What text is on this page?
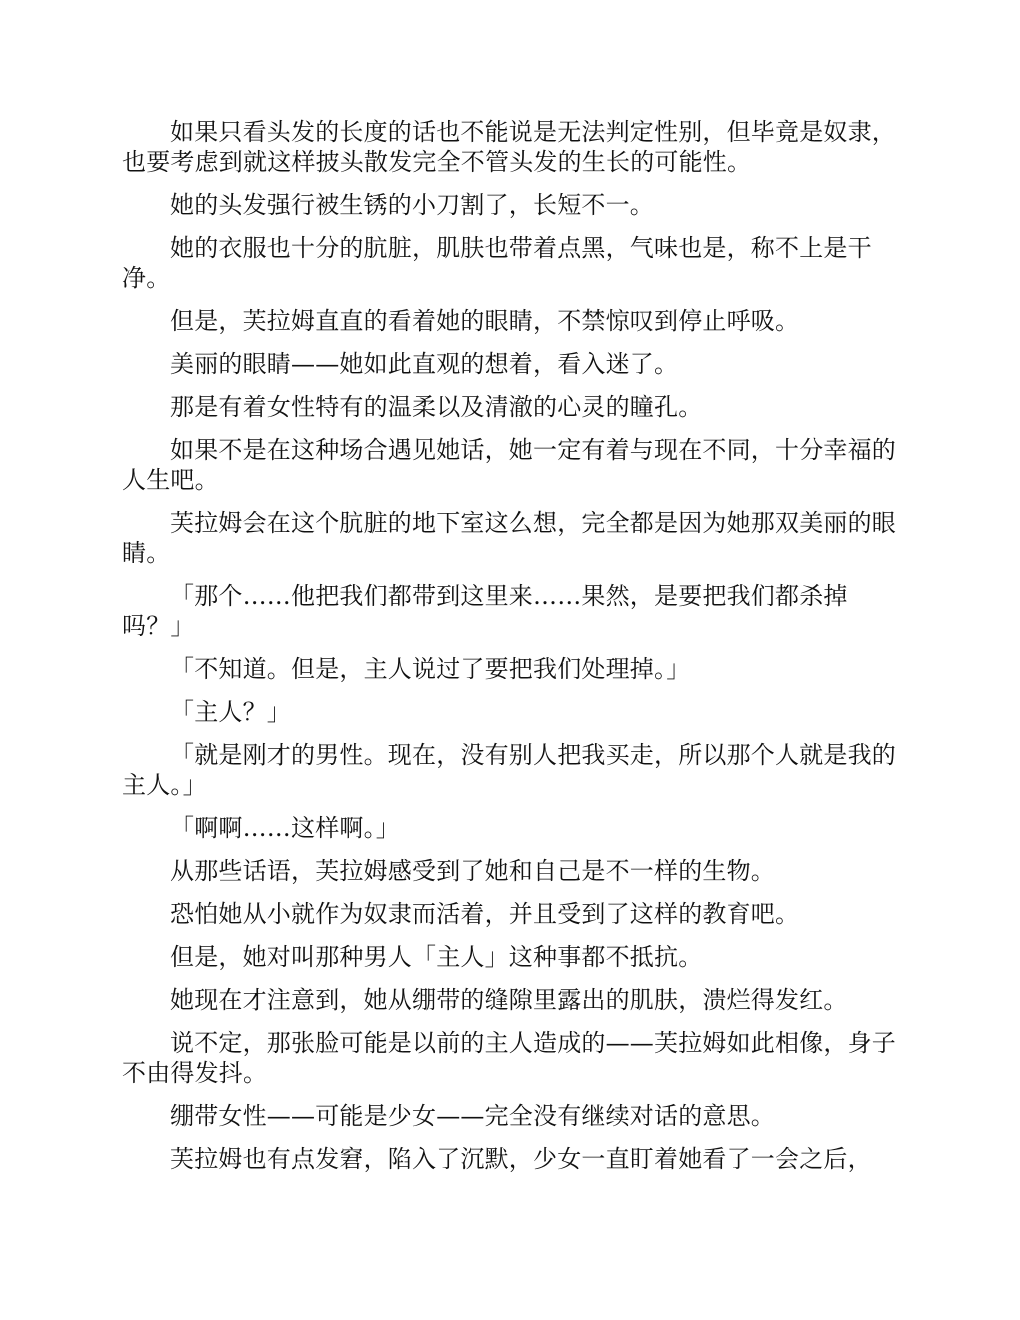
如果只看头发的长度的话也不能说是无法判定性别，但毕竟是奴隶，也要考虑到就这样披头散发完全不管头发的生长的可能性。

她的头发强行被生锈的小刀割了，长短不一。

她的衣服也十分的肮脏，肌肤也带着点黑，气味也是，称不上是干净。

但是，芙拉姆直直的看着她的眼睛，不禁惊叹到停止呼吸。

美丽的眼睛——她如此直观的想着，看入迷了。

那是有着女性特有的温柔以及清澈的心灵的瞳孔。

如果不是在这种场合遇见她话，她一定有着与现在不同，十分幸福的人生吧。

芙拉姆会在这个肮脏的地下室这么想，完全都是因为她那双美丽的眼睛。

「那个……他把我们都带到这里来……果然，是要把我们都杀掉吗？」

「不知道。但是，主人说过了要把我们处理掉。」

「主人？」

「就是刚才的男性。现在，没有别人把我买走，所以那个人就是我的主人。」

「啊啊……这样啊。」

从那些话语，芙拉姆感受到了她和自己是不一样的生物。

恐怕她从小就作为奴隶而活着，并且受到了这样的教育吧。

但是，她对叫那种男人「主人」这种事都不抵抗。

她现在才注意到，她从绷带的缝隙里露出的肌肤，溃烂得发红。

说不定，那张脸可能是以前的主人造成的——芙拉姆如此相像，身子不由得发抖。

绷带女性——可能是少女——完全没有继续对话的意思。

芙拉姆也有点发窘，陷入了沉默，少女一直盯着她看了一会之后，
